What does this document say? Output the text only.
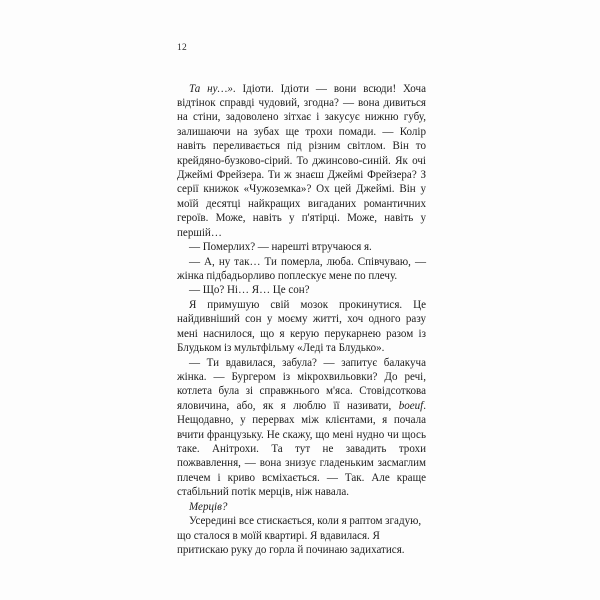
12

Та ну…». Ідіоти. Ідіоти — вони всюди! Хоча відтінок справді чудовий, згодна? — вона дивиться на стіни, задоволено зітхає і закусує нижню губу, залишаючи на зубах ще трохи помади. — Колір навіть переливається під різним світлом. Він то крейдяно-бузково-сірий. То джинсово-синій. Як очі Джеймі Фрейзера. Ти ж знаєш Джеймі Фрейзера? З серії книжок «Чужоземка»? Ох цей Джеймі. Він у моїй десятці найкращих вигаданих романтичних героїв. Може, навіть у п'ятірці. Може, навіть у першій…

— Померлих? — нарешті втручаюся я.

— А, ну так… Ти померла, люба. Співчуваю, — жінка підбадьорливо поплескує мене по плечу.

— Що? Ні… Я… Це сон?

Я примушую свій мозок прокинутися. Це найдивніший сон у моєму житті, хоч одного разу мені наснилося, що я керую перукарнею разом із Блудьком із мультфільму «Леді та Блудько».

— Ти вдавилася, забула? — запитує балакуча жінка. — Бургером із мікрохвильовки? До речі, котлета була зі справжнього м'яса. Стовідсоткова яловичина, або, як я люблю її називати, boeuf. Нещодавно, у перервах між клієнтами, я почала вчити французьку. Не скажу, що мені нудно чи щось таке. Анітрохи. Та тут не завадить трохи пожвавлення, — вона знизує гладеньким засмаглим плечем і криво всміхається. — Так. Але краще стабільний потік мерців, ніж навала.

Мерців?

Усередині все стискається, коли я раптом згадую, що сталося в моїй квартирі. Я вдавилася. Я притискаю руку до горла й починаю задихатися.
